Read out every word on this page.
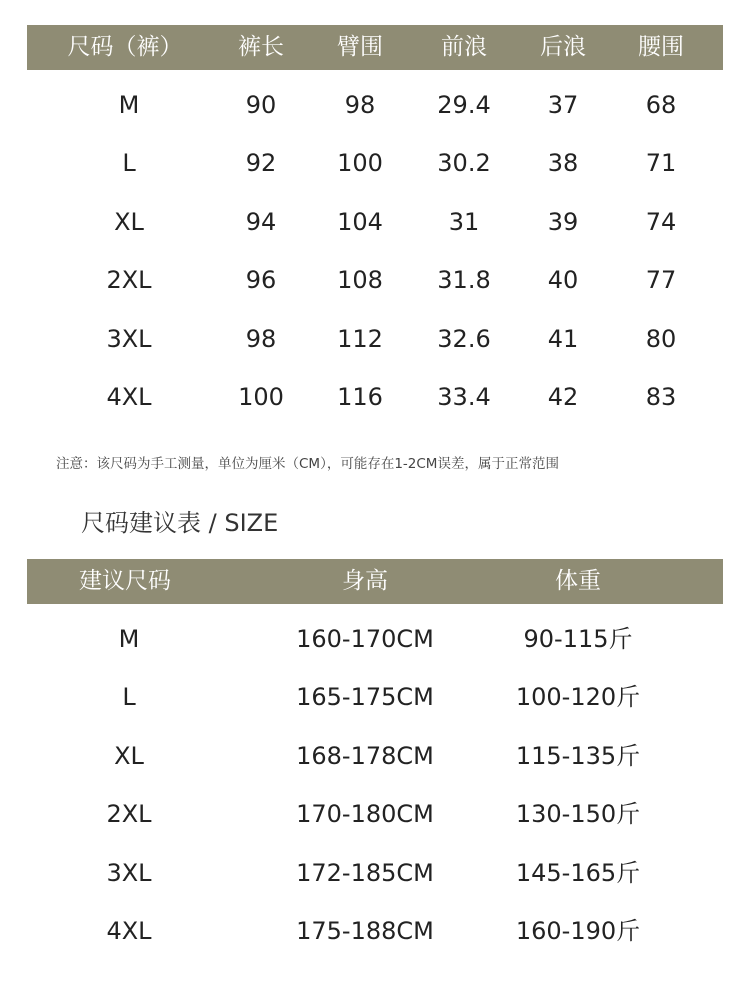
尺码（裤） 裤长 臂围	前浪 后浪 腰围
M	90	98	29.4 37	68
L	92	100 30.2 38	71
XL	94	104	31	39	74
2XL	96	108 31.8 40	77
3XL	98	112 32.6 41	80
4XL	100 116 33.4 42	83
注意：该尺码为手工测量，单位为厘米（CM），可能存在1-2CM误差，属于正常范围
尺码建议表 / SIZE
建议尺码	身高	体重
M	160-170CM	90-115斤
L	165-175CM	100-120斤
XL	168-178CM	115-135斤
2XL	170-180CM	130-150斤
3XL	172-185CM	145-165斤
4XL	175-188CM	160-190斤
